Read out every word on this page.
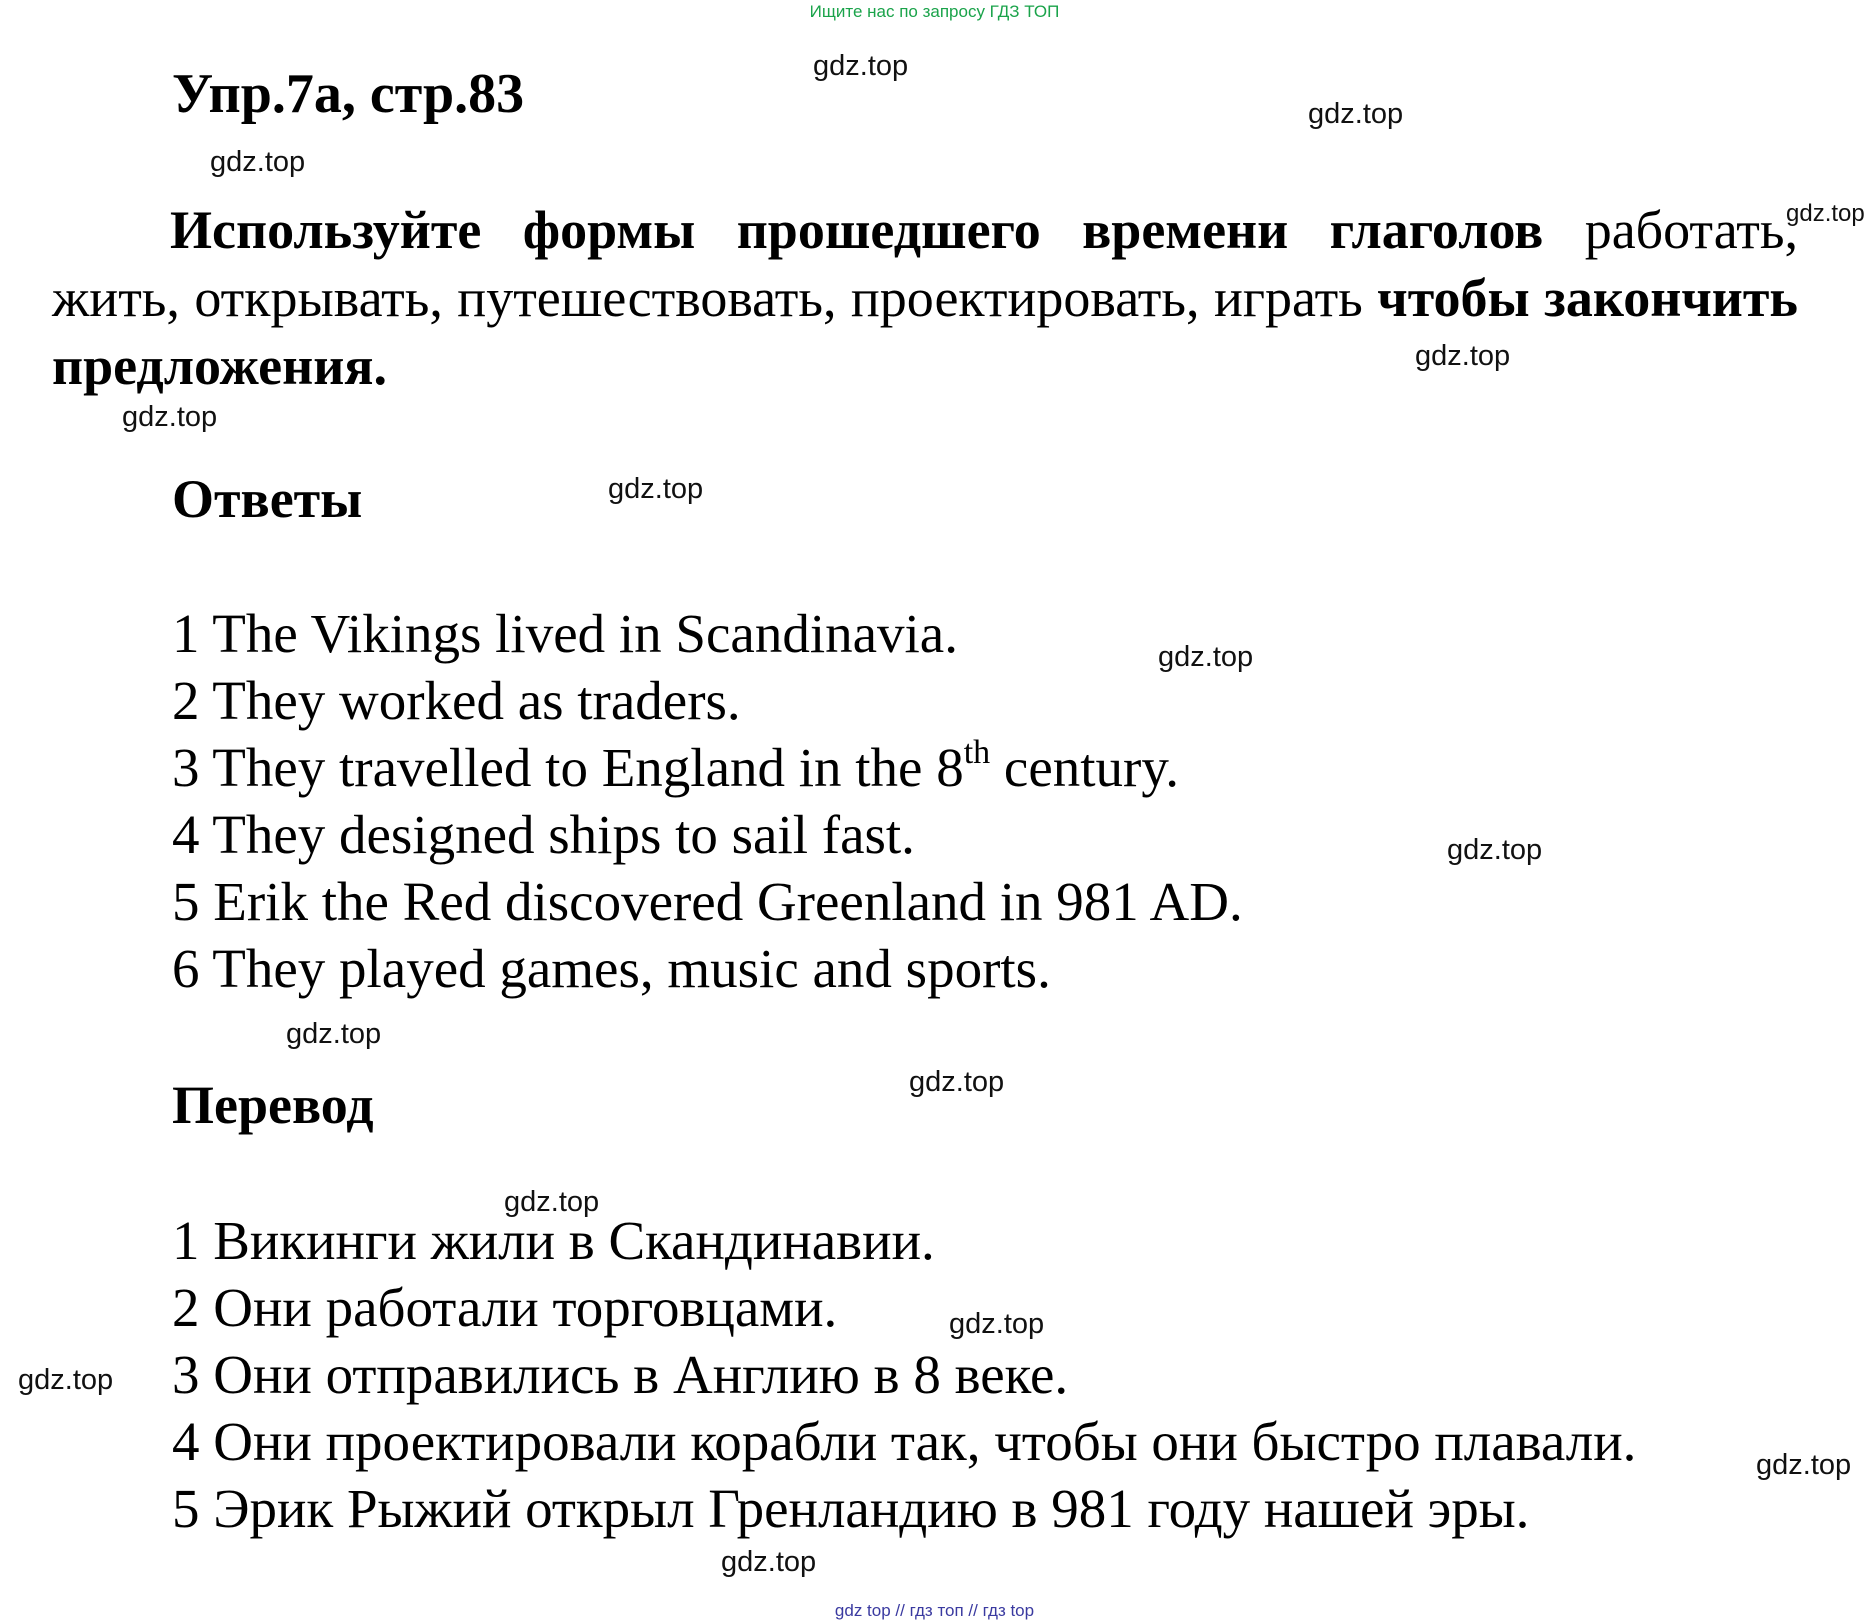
Ищите нас по запросу ГДЗ ТОП
Упр.7а, стр.83
Используйте формы прошедшего времени глаголов работать, жить, открывать, путешествовать, проектировать, играть чтобы закончить предложения.
Ответы
1 The Vikings lived in Scandinavia.
2 They worked as traders.
3 They travelled to England in the 8th century.
4 They designed ships to sail fast.
5 Erik the Red discovered Greenland in 981 AD.
6 They played games, music and sports.
Перевод
1 Викинги жили в Скандинавии.
2 Они работали торговцами.
3 Они отправились в Англию в 8 веке.
4 Они проектировали корабли так, чтобы они быстро плавали.
5 Эрик Рыжий открыл Гренландию в 981 году нашей эры.
gdz.top
gdz.top
gdz.top
gdz.top
gdz.top
gdz.top
gdz.top
gdz.top
gdz.top
gdz.top
gdz.top
gdz.top
gdz.top
gdz.top
gdz.top
gdz.top
gdz top // гдз топ // гдз top
